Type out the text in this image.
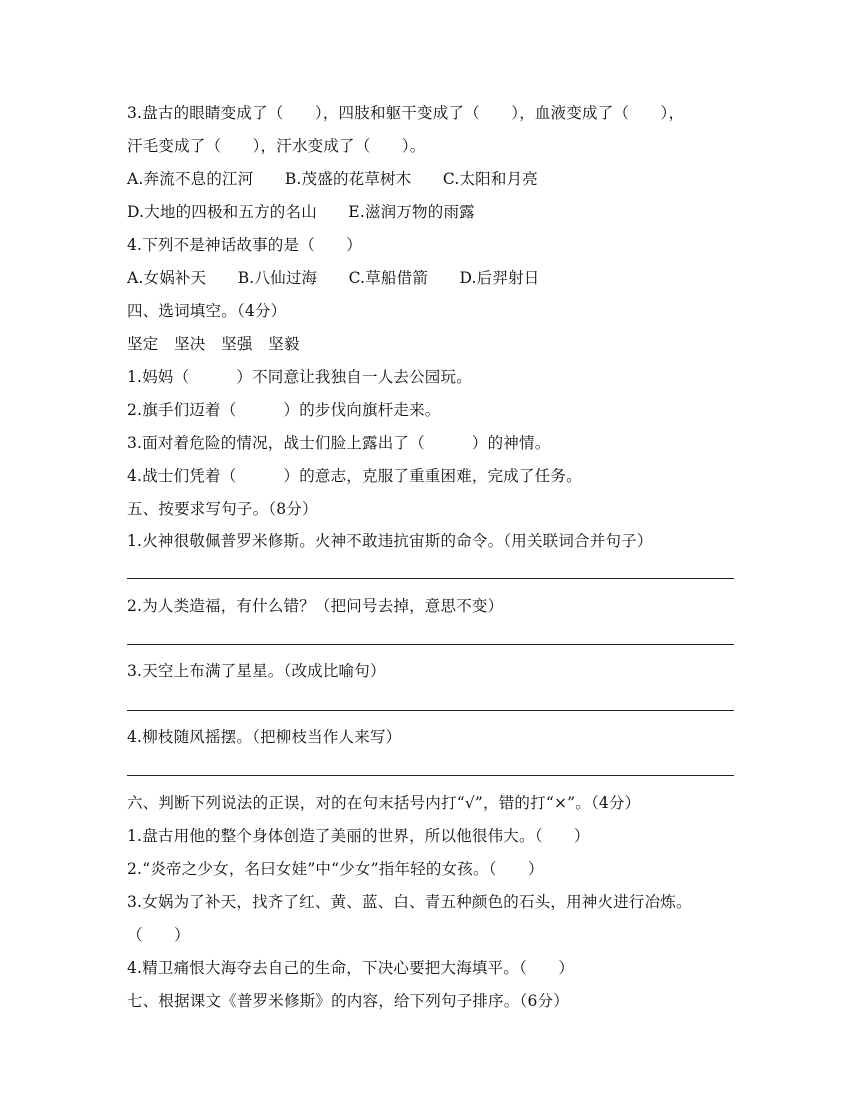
3.盘古的眼睛变成了（　　），四肢和躯干变成了（　　），血液变成了（　　），
汗毛变成了（　　），汗水变成了（　　）。
A.奔流不息的江河　　B.茂盛的花草树木　　C.太阳和月亮
D.大地的四极和五方的名山　　E.滋润万物的雨露
4.下列不是神话故事的是（　　）
A.女娲补天　　B.八仙过海　　C.草船借箭　　D.后羿射日
四、选词填空。（4分）
坚定　坚决　坚强　坚毅
1.妈妈（　　　）不同意让我独自一人去公园玩。
2.旗手们迈着（　　　）的步伐向旗杆走来。
3.面对着危险的情况，战士们脸上露出了（　　　）的神情。
4.战士们凭着（　　　）的意志，克服了重重困难，完成了任务。
五、按要求写句子。（8分）
1.火神很敬佩普罗米修斯。火神不敢违抗宙斯的命令。（用关联词合并句子）
2.为人类造福，有什么错？（把问号去掉，意思不变）
3.天空上布满了星星。（改成比喻句）
4.柳枝随风摇摆。（把柳枝当作人来写）
六、判断下列说法的正误，对的在句末括号内打“√”，错的打“×”。（4分）
1.盘古用他的整个身体创造了美丽的世界，所以他很伟大。（　　）
2.“炎帝之少女，名曰女娃”中“少女”指年轻的女孩。（　　）
3.女娲为了补天，找齐了红、黄、蓝、白、青五种颜色的石头，用神火进行冶炼。
（　　）
4.精卫痛恨大海夺去自己的生命，下决心要把大海填平。（　　）
七、根据课文《普罗米修斯》的内容，给下列句子排序。（6分）
